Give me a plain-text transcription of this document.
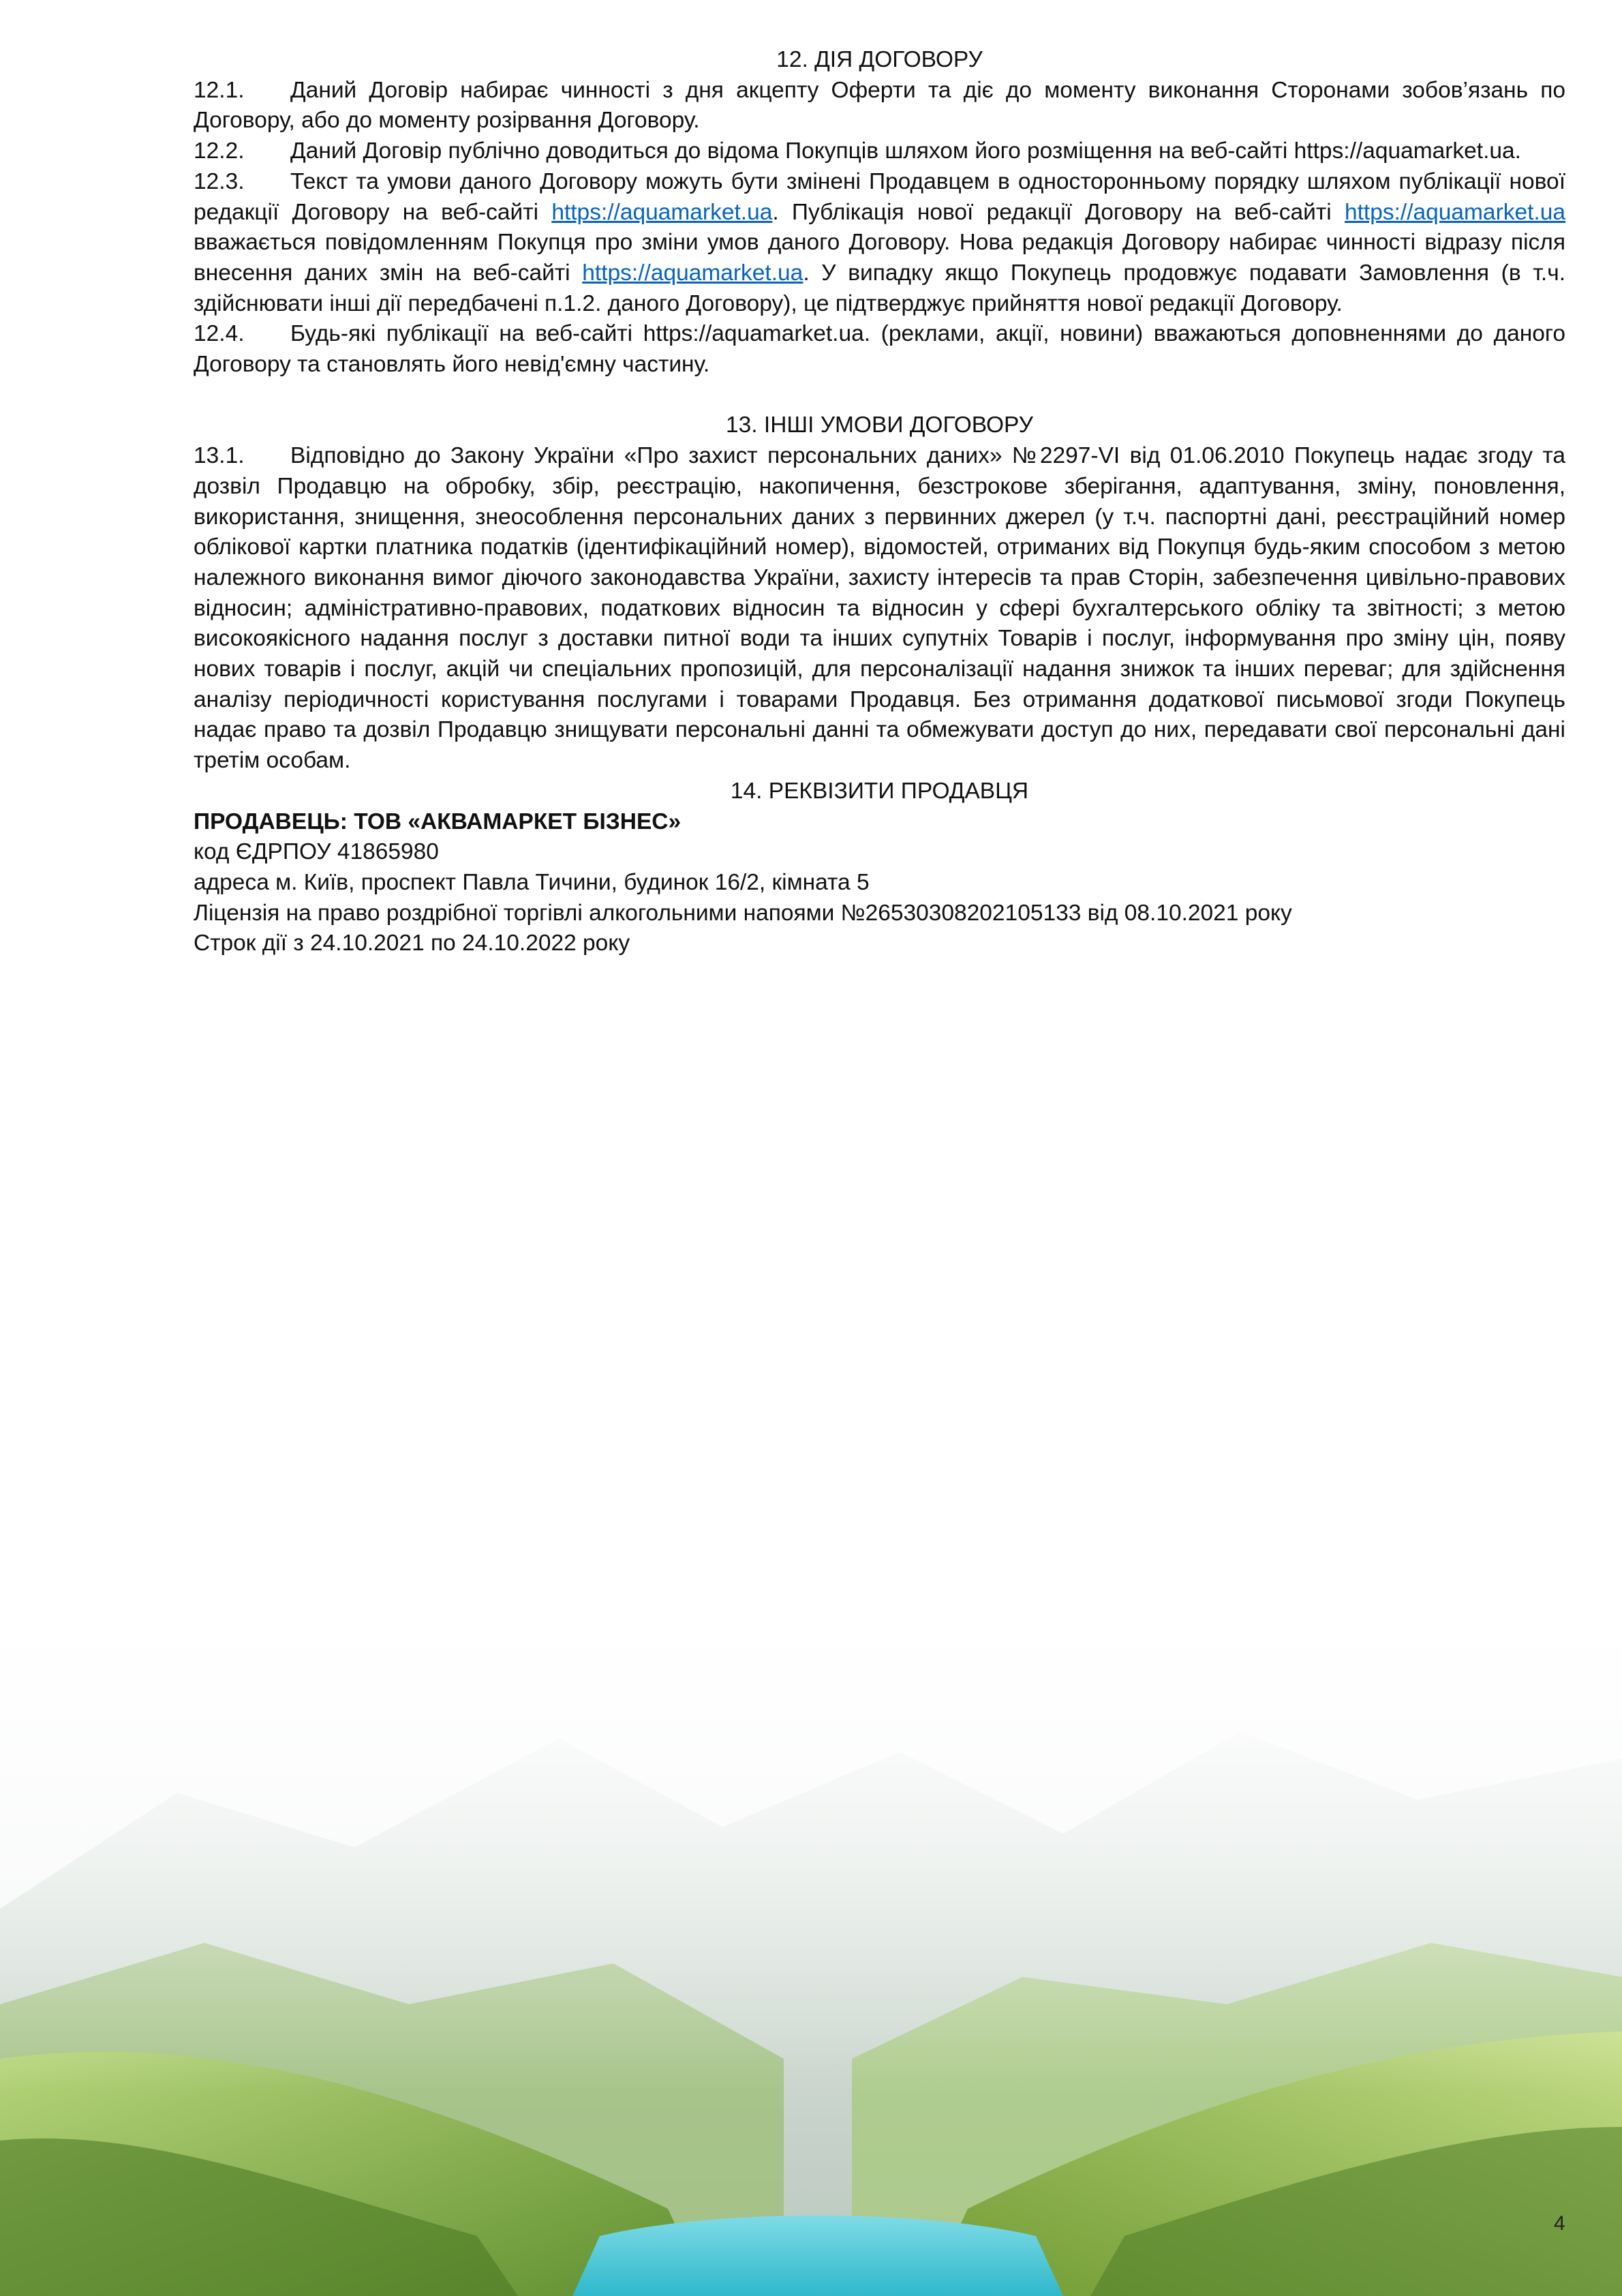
12. ДІЯ ДОГОВОРУ

12.1. Даний Договір набирає чинності з дня акцепту Оферти та діє до моменту виконання Сторонами зобов’язань по Договору, або до моменту розірвання Договору.

12.2. Даний Договір публічно доводиться до відома Покупців шляхом його розміщення на веб-сайті https://aquamarket.ua.

12.3. Текст та умови даного Договору можуть бути змінені Продавцем в односторонньому порядку шляхом публікації нової редакції Договору на веб-сайті https://aquamarket.ua. Публікація нової редакції Договору на веб-сайті https://aquamarket.ua вважається повідомленням Покупця про зміни умов даного Договору. Нова редакція Договору набирає чинності відразу після внесення даних змін на веб-сайті https://aquamarket.ua. У випадку якщо Покупець продовжує подавати Замовлення (в т.ч. здійснювати інші дії передбачені п.1.2. даного Договору), це підтверджує прийняття нової редакції Договору.

12.4. Будь-які публікації на веб-сайті https://aquamarket.ua. (реклами, акції, новини) вважаються доповненнями до даного Договору та становлять його невід'ємну частину.

13. ІНШІ УМОВИ ДОГОВОРУ

13.1. Відповідно до Закону України «Про захист персональних даних» №2297-VI від 01.06.2010 Покупець надає згоду та дозвіл Продавцю на обробку, збір, реєстрацію, накопичення, безстрокове зберігання, адаптування, зміну, поновлення, використання, знищення, знеособлення персональних даних з первинних джерел (у т.ч. паспортні дані, реєстраційний номер облікової картки платника податків (ідентифікаційний номер), відомостей, отриманих від Покупця будь-яким способом з метою належного виконання вимог діючого законодавства України, захисту інтересів та прав Сторін, забезпечення цивільно-правових відносин; адміністративно-правових, податкових відносин та відносин у сфері бухгалтерського обліку та звітності; з метою високоякісного надання послуг з доставки питної води та інших супутніх Товарів і послуг, інформування про зміну цін, появу нових товарів і послуг, акцій чи спеціальних пропозицій, для персоналізації надання знижок та інших переваг; для здійснення аналізу періодичності користування послугами і товарами Продавця. Без отримання додаткової письмової згоди Покупець надає право та дозвіл Продавцю знищувати персональні данні та обмежувати доступ до них, передавати свої персональні дані третім особам.

14. РЕКВІЗИТИ ПРОДАВЦЯ

ПРОДАВЕЦЬ: ТОВ «АКВАМАРКЕТ БІЗНЕС»

код ЄДРПОУ 41865980

адреса м. Київ, проспект Павла Тичини, будинок 16/2, кімната 5

Ліцензія на право роздрібної торгівлі алкогольними напоями №26530308202105133 від 08.10.2021 року

Строк дії з 24.10.2021 по 24.10.2022 року

4
